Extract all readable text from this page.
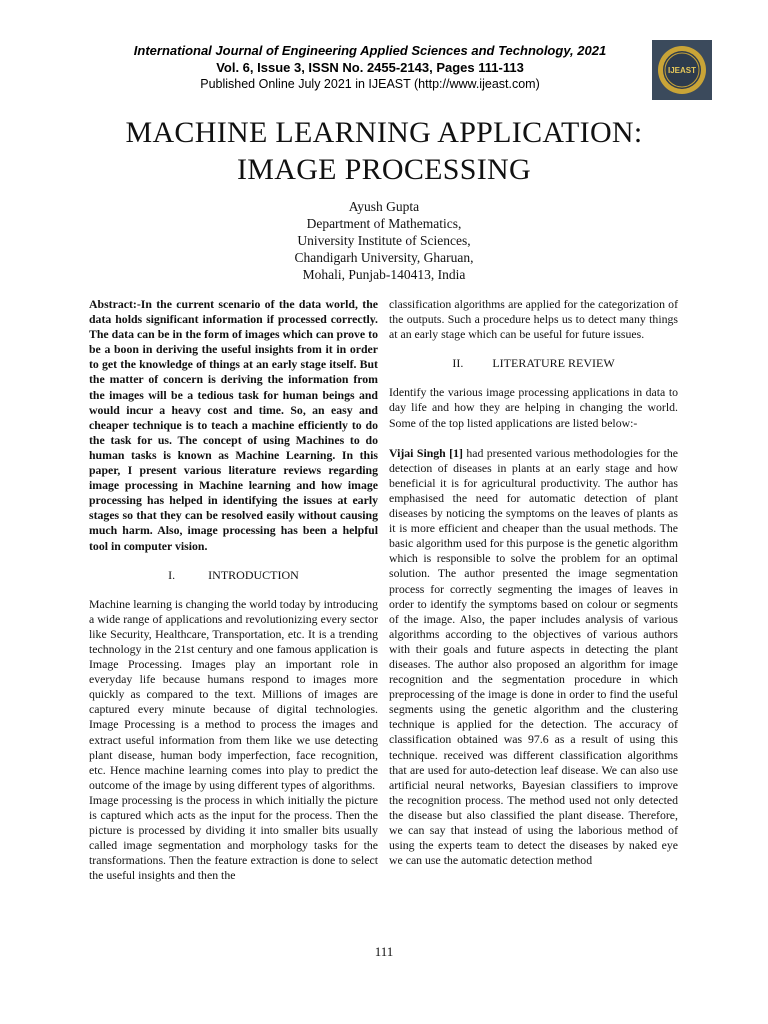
International Journal of Engineering Applied Sciences and Technology, 2021
Vol. 6, Issue 3, ISSN No. 2455-2143, Pages 111-113
Published Online July 2021 in IJEAST (http://www.ijeast.com)
IJEAST
MACHINE LEARNING APPLICATION:
IMAGE PROCESSING
Ayush Gupta
Department of Mathematics,
University Institute of Sciences,
Chandigarh University, Gharuan,
Mohali, Punjab-140413, India

Abstract:-In the current scenario of the data world, the data holds significant information if processed correctly. The data can be in the form of images which can prove to be a boon in deriving the useful insights from it in order to get the knowledge of things at an early stage itself. But the matter of concern is deriving the information from the images will be a tedious task for human beings and would incur a heavy cost and time. So, an easy and cheaper technique is to teach a machine efficiently to do the task for us. The concept of using Machines to do human tasks is known as Machine Learning. In this paper, I present various literature reviews regarding image processing in Machine learning and how image processing has helped in identifying the issues at early stages so that they can be resolved easily without causing much harm. Also, image processing has been a helpful tool in computer vision.

I.	INTRODUCTION

Machine learning is changing the world today by introducing a wide range of applications and revolutionizing every sector like Security, Healthcare, Transportation, etc. It is a trending technology in the 21st century and one famous application is Image Processing. Images play an important role in everyday life because humans respond to images more quickly as compared to the text. Millions of images are captured every minute because of digital technologies. Image Processing is a method to process the images and extract useful information from them like we use detecting plant disease, human body imperfection, face recognition, etc. Hence machine learning comes into play to predict the outcome of the image by using different types of algorithms.

Image processing is the process in which initially the picture is captured which acts as the input for the process. Then the picture is processed by dividing it into smaller bits usually called image segmentation and morphology tasks for the transformations. Then the feature extraction is done to select the useful insights and then the

classification algorithms are applied for the categorization of the outputs. Such a procedure helps us to detect many things at an early stage which can be useful for future issues.

II. LITERATURE REVIEW

Identify the various image processing applications in data to day life and how they are helping in changing the world. Some of the top listed applications are listed below:-

Vijai Singh [1] had presented various methodologies for the detection of diseases in plants at an early stage and how beneficial it is for agricultural productivity. The author has emphasised the need for automatic detection of plant diseases by noticing the symptoms on the leaves of plants as it is more efficient and cheaper than the usual methods. The basic algorithm used for this purpose is the genetic algorithm which is responsible to solve the problem for an optimal solution. The author presented the image segmentation process for correctly segmenting the images of leaves in order to identify the symptoms based on colour or segments of the image. Also, the paper includes analysis of various algorithms according to the objectives of various authors with their goals and future aspects in detecting the plant diseases. The author also proposed an algorithm for image recognition and the segmentation procedure in which preprocessing of the image is done in order to find the useful segments using the genetic algorithm and the clustering technique is applied for the detection. The accuracy of classification obtained was 97.6 as a result of using this technique. received was different classification algorithms that are used for auto-detection leaf disease. We can also use artificial neural networks, Bayesian classifiers to improve the recognition process. The method used not only detected the disease but also classified the plant disease. Therefore, we can say that instead of using the laborious method of using the experts team to detect the diseases by naked eye we can use the automatic detection method

111
